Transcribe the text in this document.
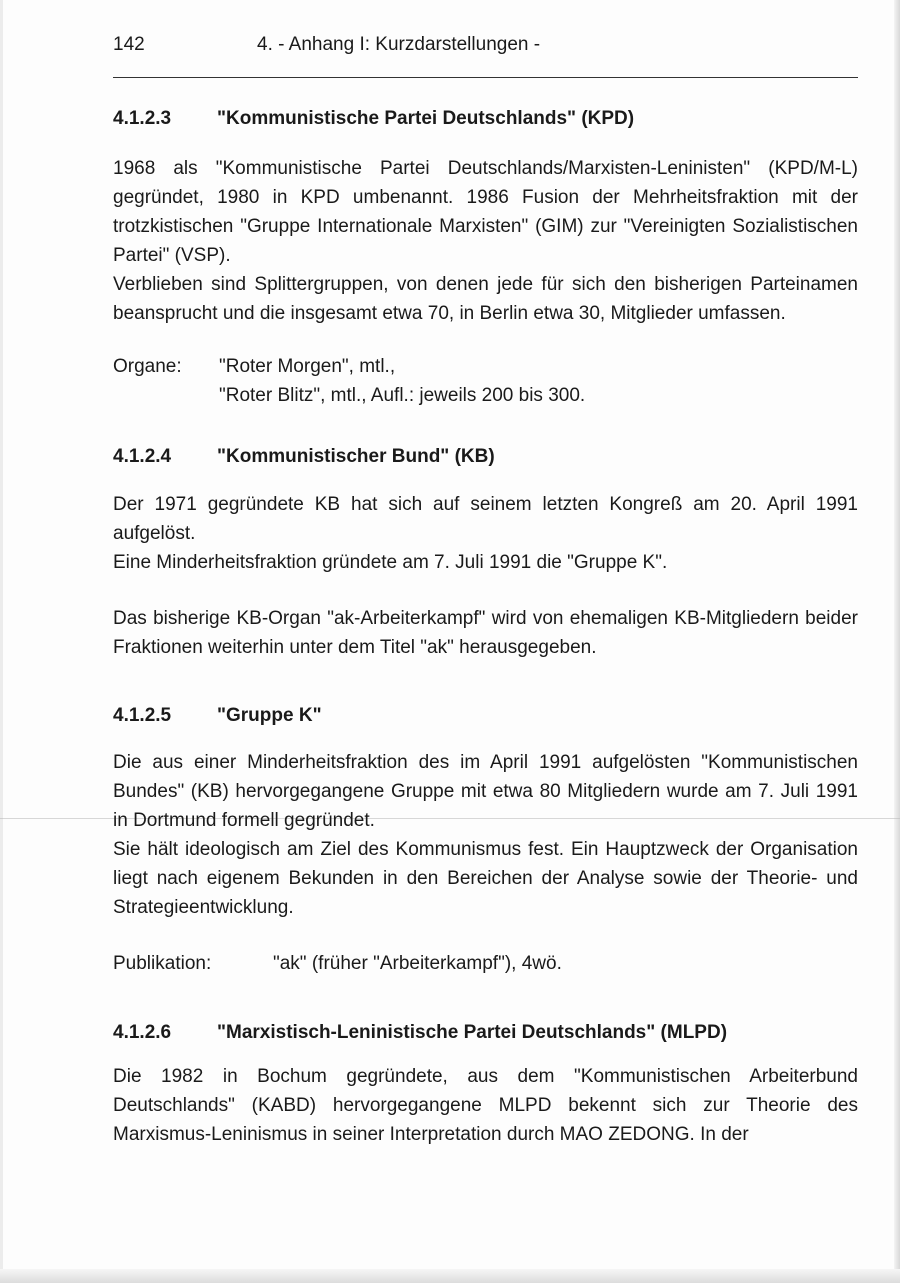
142	4. - Anhang I: Kurzdarstellungen -
4.1.2.3	"Kommunistische Partei Deutschlands" (KPD)

1968 als "Kommunistische Partei Deutschlands/Marxisten-Leninisten" (KPD/M-L) gegründet, 1980 in KPD umbenannt. 1986 Fusion der Mehrheitsfraktion mit der trotzkistischen "Gruppe Internationale Marxisten" (GIM) zur "Vereinigten Sozialistischen Partei" (VSP).

Verblieben sind Splittergruppen, von denen jede für sich den bisherigen Parteinamen beansprucht und die insgesamt etwa 70, in Berlin etwa 30, Mitglieder umfassen.

Organe:	"Roter Morgen", mtl.,
"Roter Blitz", mtl., Aufl.: jeweils 200 bis 300.
4.1.2.4	"Kommunistischer Bund" (KB)

Der 1971 gegründete KB hat sich auf seinem letzten Kongreß am 20. April 1991 aufgelöst.

Eine Minderheitsfraktion gründete am 7. Juli 1991 die "Gruppe K".

Das bisherige KB-Organ "ak-Arbeiterkampf" wird von ehemaligen KB-Mitgliedern beider Fraktionen weiterhin unter dem Titel "ak" herausgegeben.

4.1.2.5	"Gruppe K"

Die aus einer Minderheitsfraktion des im April 1991 aufgelösten "Kommunistischen Bundes" (KB) hervorgegangene Gruppe mit etwa 80 Mitgliedern wurde am 7. Juli 1991 in Dortmund formell gegründet.

Sie hält ideologisch am Ziel des Kommunismus fest. Ein Hauptzweck der Organisation liegt nach eigenem Bekunden in den Bereichen der Analyse sowie der Theorie- und Strategieentwicklung.

Publikation:	"ak" (früher "Arbeiterkampf"), 4wö.
4.1.2.6	"Marxistisch-Leninistische Partei Deutschlands" (MLPD)

Die 1982 in Bochum gegründete, aus dem "Kommunistischen Arbeiterbund Deutschlands" (KABD) hervorgegangene MLPD bekennt sich zur Theorie des Marxismus-Leninismus in seiner Interpretation durch MAO ZEDONG. In der
